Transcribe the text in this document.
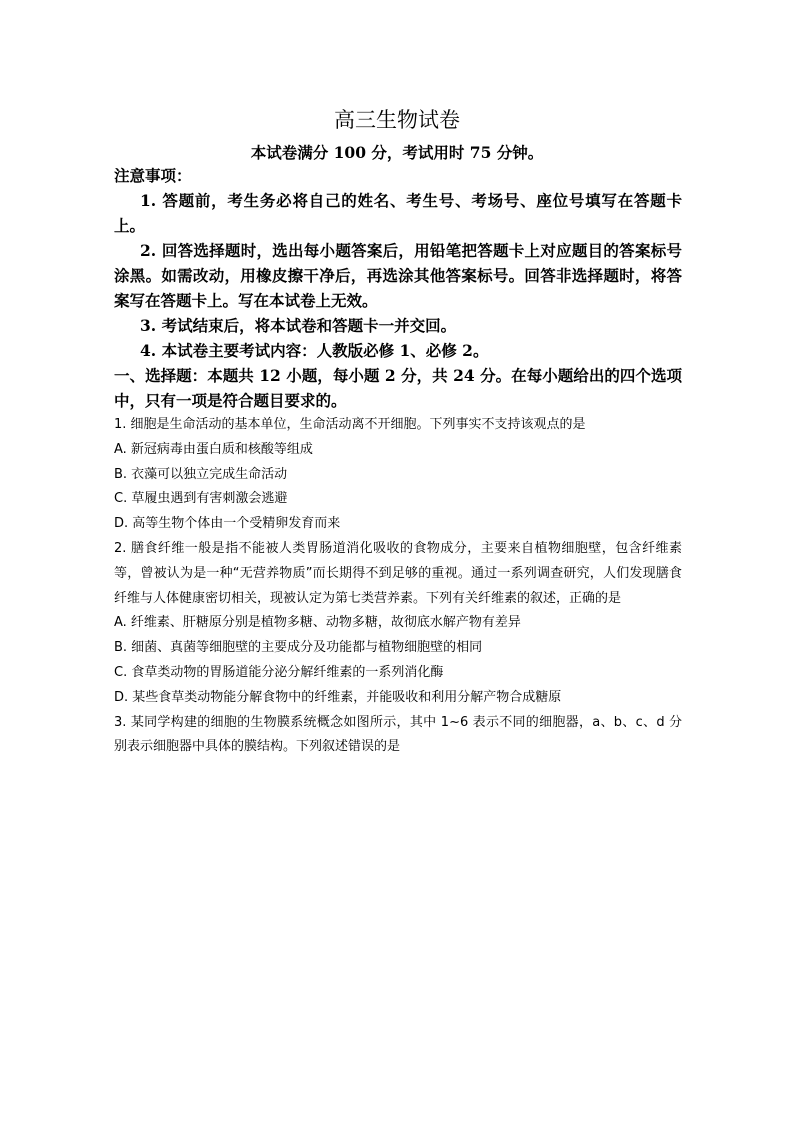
高三生物试卷
本试卷满分 100 分，考试用时 75 分钟。
注意事项：

1. 答题前，考生务必将自己的姓名、考生号、考场号、座位号填写在答题卡上。

2. 回答选择题时，选出每小题答案后，用铅笔把答题卡上对应题目的答案标号涂黑。如需改动，用橡皮擦干净后，再选涂其他答案标号。回答非选择题时，将答案写在答题卡上。写在本试卷上无效。

3. 考试结束后，将本试卷和答题卡一并交回。

4. 本试卷主要考试内容：人教版必修 1、必修 2。

一、选择题：本题共 12 小题，每小题 2 分，共 24 分。在每小题给出的四个选项中，只有一项是符合题目要求的。

1. 细胞是生命活动的基本单位，生命活动离不开细胞。下列事实不支持该观点的是

A. 新冠病毒由蛋白质和核酸等组成

B. 衣藻可以独立完成生命活动

C. 草履虫遇到有害刺激会逃避

D. 高等生物个体由一个受精卵发育而来

2. 膳食纤维一般是指不能被人类胃肠道消化吸收的食物成分，主要来自植物细胞壁，包含纤维素等，曾被认为是一种“无营养物质”而长期得不到足够的重视。通过一系列调查研究，人们发现膳食纤维与人体健康密切相关，现被认定为第七类营养素。下列有关纤维素的叙述，正确的是

A. 纤维素、肝糖原分别是植物多糖、动物多糖，故彻底水解产物有差异

B. 细菌、真菌等细胞壁的主要成分及功能都与植物细胞壁的相同

C. 食草类动物的胃肠道能分泌分解纤维素的一系列消化酶

D. 某些食草类动物能分解食物中的纤维素，并能吸收和利用分解产物合成糖原

3. 某同学构建的细胞的生物膜系统概念如图所示，其中 1~6 表示不同的细胞器，a、b、c、d 分别表示细胞器中具体的膜结构。下列叙述错误的是
